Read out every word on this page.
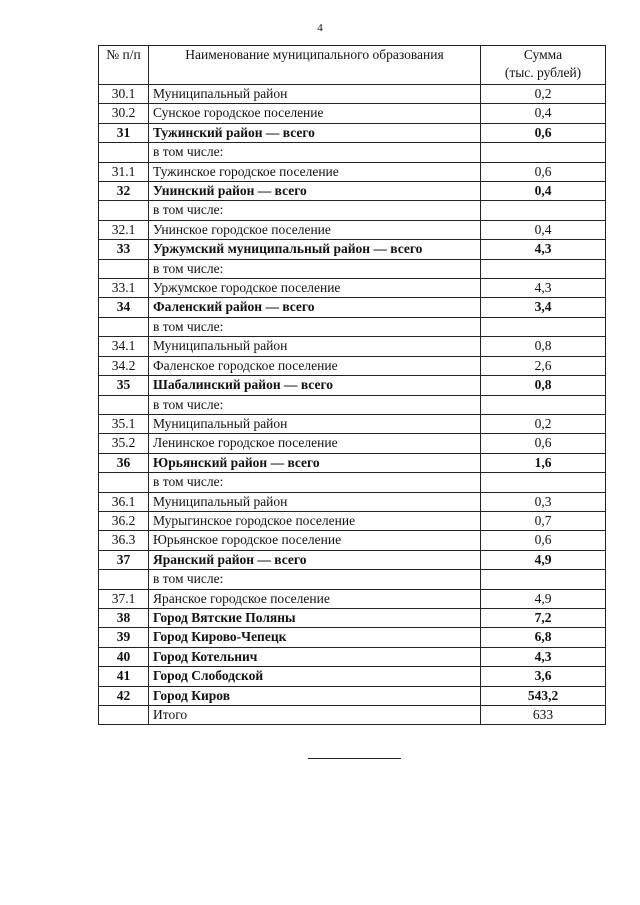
4
№ п/п	Наименование муниципального образования	Сумма
(тыс. рублей)

30.1	Муниципальный район	0,2
30.2	Сунское городское поселение	0,4
31	Тужинский район — всего	0,6
	в том числе:	
31.1	Тужинское городское поселение	0,6
32	Унинский район — всего	0,4
	в том числе:	
32.1	Унинское городское поселение	0,4
33	Уржумский муниципальный район — всего	4,3
	в том числе:	
33.1	Уржумское городское поселение	4,3
34	Фаленский район — всего	3,4
	в том числе:	
34.1	Муниципальный район	0,8
34.2	Фаленское городское поселение	2,6
35	Шабалинский район — всего	0,8
	в том числе:	
35.1	Муниципальный район	0,2
35.2	Ленинское городское поселение	0,6
36	Юрьянский район — всего	1,6
	в том числе:	
36.1	Муниципальный район	0,3
36.2	Мурыгинское городское поселение	0,7
36.3	Юрьянское городское поселение	0,6
37	Яранский район — всего	4,9
	в том числе:	
37.1	Яранское городское поселение	4,9
38	Город Вятские Поляны	7,2
39	Город Кирово-Чепецк	6,8
40	Город Котельнич	4,3
41	Город Слободской	3,6
42	Город Киров	543,2
	Итого	633
